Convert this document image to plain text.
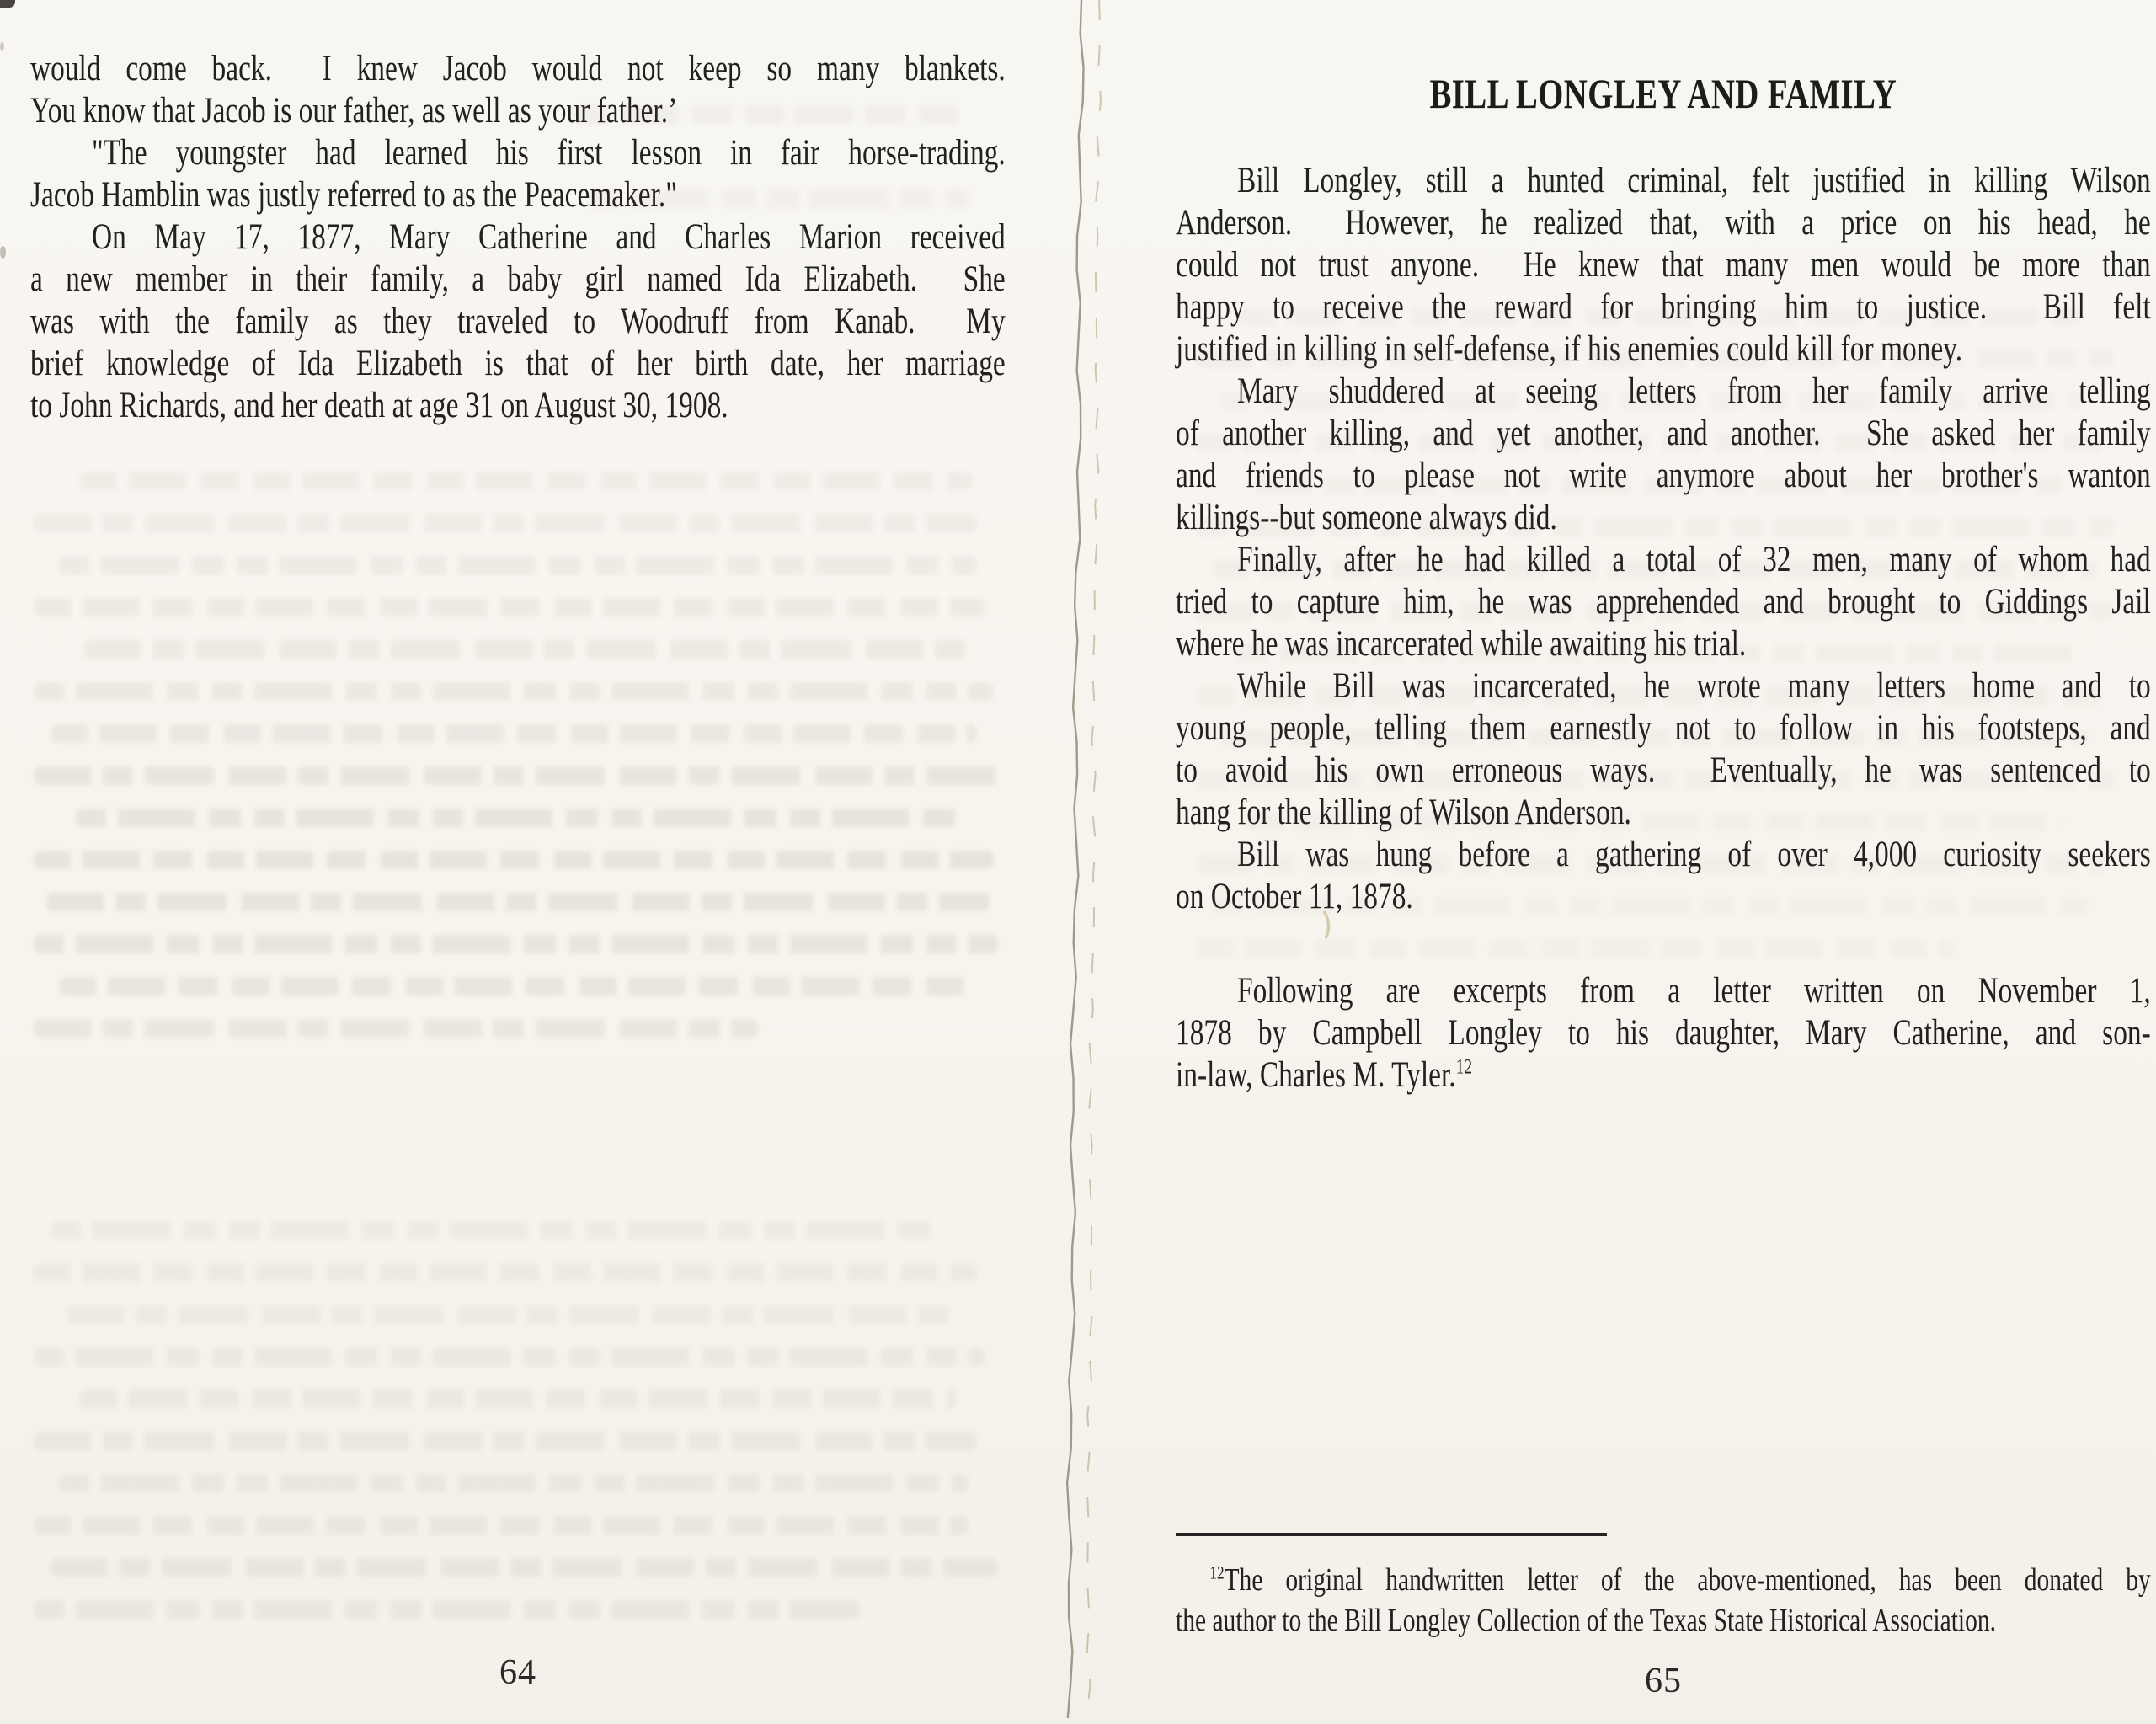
would come back.  I knew Jacob would not keep so many blankets.
You know that Jacob is our father, as well as your father.’
"The youngster had learned his first lesson in fair horse-trading.
Jacob Hamblin was justly referred to as the Peacemaker."
On May 17, 1877, Mary Catherine and Charles Marion received
a new member in their family, a baby girl named Ida Elizabeth.  She
was with the family as they traveled to Woodruff from Kanab.  My
brief knowledge of Ida Elizabeth is that of her birth date, her marriage
to John Richards, and her death at age 31 on August 30, 1908.
64
BILL LONGLEY AND FAMILY
Bill Longley, still a hunted criminal, felt justified in killing Wilson
Anderson.  However, he realized that, with a price on his head, he
could not trust anyone.  He knew that many men would be more than
happy to receive the reward for bringing him to justice.  Bill felt
justified in killing in self-defense, if his enemies could kill for money.
Mary shuddered at seeing letters from her family arrive telling
of another killing, and yet another, and another.  She asked her family
and friends to please not write anymore about her brother's wanton
killings--but someone always did.
Finally, after he had killed a total of 32 men, many of whom had
tried to capture him, he was apprehended and brought to Giddings Jail
where he was incarcerated while awaiting his trial.
While Bill was incarcerated, he wrote many letters home and to
young people, telling them earnestly not to follow in his footsteps, and
to avoid his own erroneous ways.  Eventually, he was sentenced to
hang for the killing of Wilson Anderson.
Bill was hung before a gathering of over 4,000 curiosity seekers
on October 11, 1878.
Following are excerpts from a letter written on November 1,
1878 by Campbell Longley to his daughter, Mary Catherine, and son-
in-law, Charles M. Tyler.$^{12}$
$^{12}$The original handwritten letter of the above-mentioned, has been donated by
the author to the Bill Longley Collection of the Texas State Historical Association.
65
